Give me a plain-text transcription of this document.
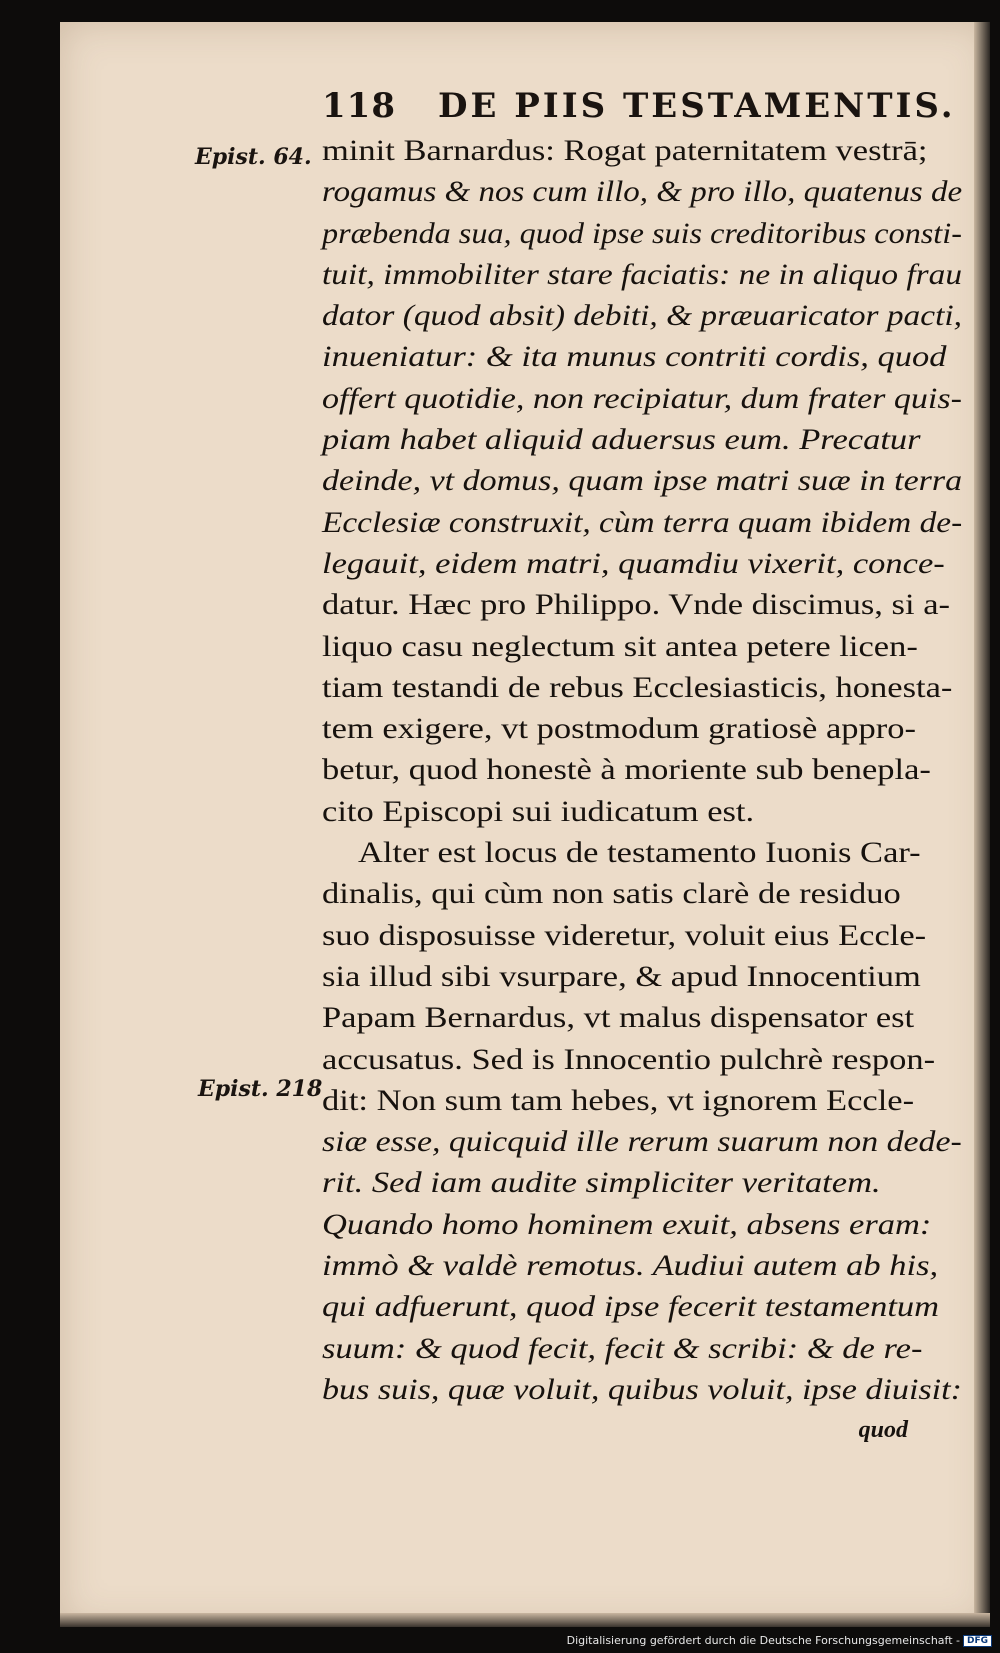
118 DE PIIS TESTAMENTIS.
Epist. 64.
Epist. 218
minit Barnardus: Rogat paternitatem vestrā;
rogamus & nos cum illo, & pro illo, quatenus de
præbenda sua, quod ipse suis creditoribus consti-
tuit, immobiliter stare faciatis: ne in aliquo frau
dator (quod absit) debiti, & præuaricator pacti,
inueniatur: & ita munus contriti cordis, quod
offert quotidie, non recipiatur, dum frater quis-
piam habet aliquid aduersus eum. Precatur
deinde, vt domus, quam ipse matri suæ in terra
Ecclesiæ construxit, cùm terra quam ibidem de-
legauit, eidem matri, quamdiu vixerit, conce-
datur. Hæc pro Philippo. Vnde discimus, si a-
liquo casu neglectum sit antea petere licen-
tiam testandi de rebus Ecclesiasticis, honesta-
tem exigere, vt postmodum gratiosè appro-
betur, quod honestè à moriente sub benepla-
cito Episcopi sui iudicatum est.
Alter est locus de testamento Iuonis Car-
dinalis, qui cùm non satis clarè de residuo
suo disposuisse videretur, voluit eius Eccle-
sia illud sibi vsurpare, & apud Innocentium
Papam Bernardus, vt malus dispensator est
accusatus. Sed is Innocentio pulchrè respon-
dit: Non sum tam hebes, vt ignorem Eccle-
siæ esse, quicquid ille rerum suarum non dede-
rit. Sed iam audite simpliciter veritatem.
Quando homo hominem exuit, absens eram:
immò & valdè remotus. Audiui autem ab his,
qui adfuerunt, quod ipse fecerit testamentum
suum: & quod fecit, fecit & scribi: & de re-
bus suis, quæ voluit, quibus voluit, ipse diuisit:
quod
Digitalisierung gefördert durch die Deutsche Forschungsgemeinschaft - DFG
